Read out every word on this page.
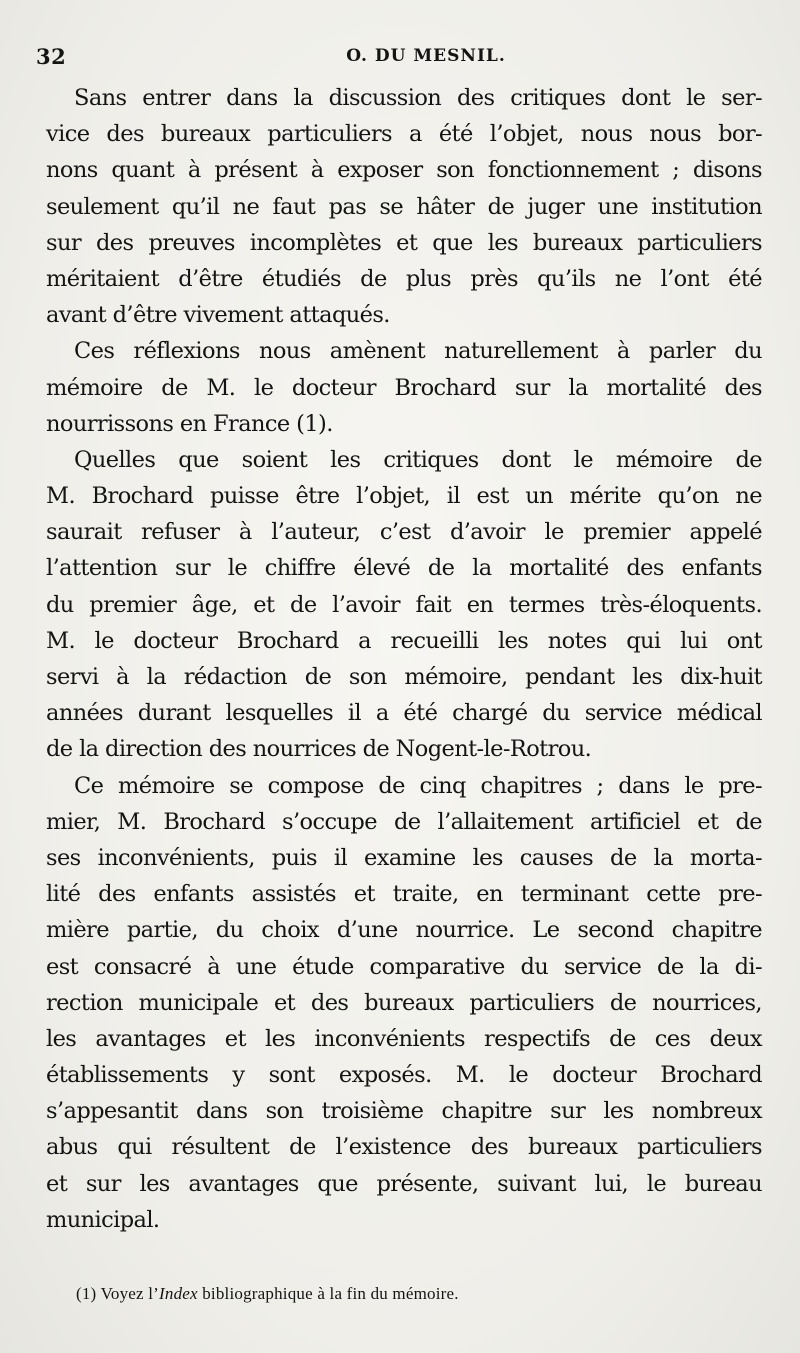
32	O. DU MESNIL.
Sans entrer dans la discussion des critiques dont le ser-
vice des bureaux particuliers a été l’objet, nous nous bor-
nons quant à présent à exposer son fonctionnement ; disons
seulement qu’il ne faut pas se hâter de juger une institution
sur des preuves incomplètes et que les bureaux particuliers
méritaient d’être étudiés de plus près qu’ils ne l’ont été
avant d’être vivement attaqués.
Ces réflexions nous amènent naturellement à parler du
mémoire de M. le docteur Brochard sur la mortalité des
nourrissons en France (1).
Quelles que soient les critiques dont le mémoire de
M. Brochard puisse être l’objet, il est un mérite qu’on ne
saurait refuser à l’auteur, c’est d’avoir le premier appelé
l’attention sur le chiffre élevé de la mortalité des enfants
du premier âge, et de l’avoir fait en termes très-éloquents.
M. le docteur Brochard a recueilli les notes qui lui ont
servi à la rédaction de son mémoire, pendant les dix-huit
années durant lesquelles il a été chargé du service médical
de la direction des nourrices de Nogent-le-Rotrou.
Ce mémoire se compose de cinq chapitres ; dans le pre-
mier, M. Brochard s’occupe de l’allaitement artificiel et de
ses inconvénients, puis il examine les causes de la morta-
lité des enfants assistés et traite, en terminant cette pre-
mière partie, du choix d’une nourrice. Le second chapitre
est consacré à une étude comparative du service de la di-
rection municipale et des bureaux particuliers de nourrices,
les avantages et les inconvénients respectifs de ces deux
établissements y sont exposés. M. le docteur Brochard
s’appesantit dans son troisième chapitre sur les nombreux
abus qui résultent de l’existence des bureaux particuliers
et sur les avantages que présente, suivant lui, le bureau
municipal.
(1) Voyez l’Index bibliographique à la fin du mémoire.
